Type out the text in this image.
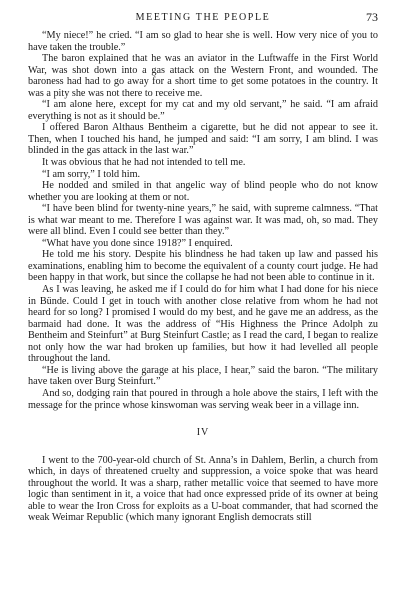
MEETING THE PEOPLE	73

“My niece!” he cried. “I am so glad to hear she is well. How very nice of you to have taken the trouble.”

The baron explained that he was an aviator in the Luftwaffe in the First World War, was shot down into a gas attack on the Western Front, and wounded. The baroness had had to go away for a short time to get some potatoes in the country. It was a pity she was not there to receive me.

“I am alone here, except for my cat and my old servant,” he said. “I am afraid everything is not as it should be.”

I offered Baron Althaus Bentheim a cigarette, but he did not appear to see it. Then, when I touched his hand, he jumped and said: “I am sorry, I am blind. I was blinded in the gas attack in the last war.”

It was obvious that he had not intended to tell me.

“I am sorry,” I told him.

He nodded and smiled in that angelic way of blind people who do not know whether you are looking at them or not.

“I have been blind for twenty-nine years,” he said, with supreme calmness. “That is what war meant to me. Therefore I was against war. It was mad, oh, so mad. They were all blind. Even I could see better than they.”

“What have you done since 1918?” I enquired.

He told me his story. Despite his blindness he had taken up law and passed his examinations, enabling him to become the equivalent of a county court judge. He had been happy in that work, but since the collapse he had not been able to continue in it.

As I was leaving, he asked me if I could do for him what I had done for his niece in Bünde. Could I get in touch with another close relative from whom he had not heard for so long? I promised I would do my best, and he gave me an address, as the barmaid had done. It was the address of “His Highness the Prince Adolph zu Bentheim and Steinfurt” at Burg Steinfurt Castle; as I read the card, I began to realize not only how the war had broken up families, but how it had levelled all people throughout the land.

“He is living above the garage at his place, I hear,” said the baron. “The military have taken over Burg Steinfurt.”

And so, dodging rain that poured in through a hole above the stairs, I left with the message for the prince whose kinswoman was serving weak beer in a village inn.

IV

I went to the 700-year-old church of St. Anna’s in Dahlem, Berlin, a church from which, in days of threatened cruelty and suppression, a voice spoke that was heard throughout the world. It was a sharp, rather metallic voice that seemed to have more logic than sentiment in it, a voice that had once expressed pride of its owner at being able to wear the Iron Cross for exploits as a U-boat commander, that had scorned the weak Weimar Republic (which many ignorant English democrats still
